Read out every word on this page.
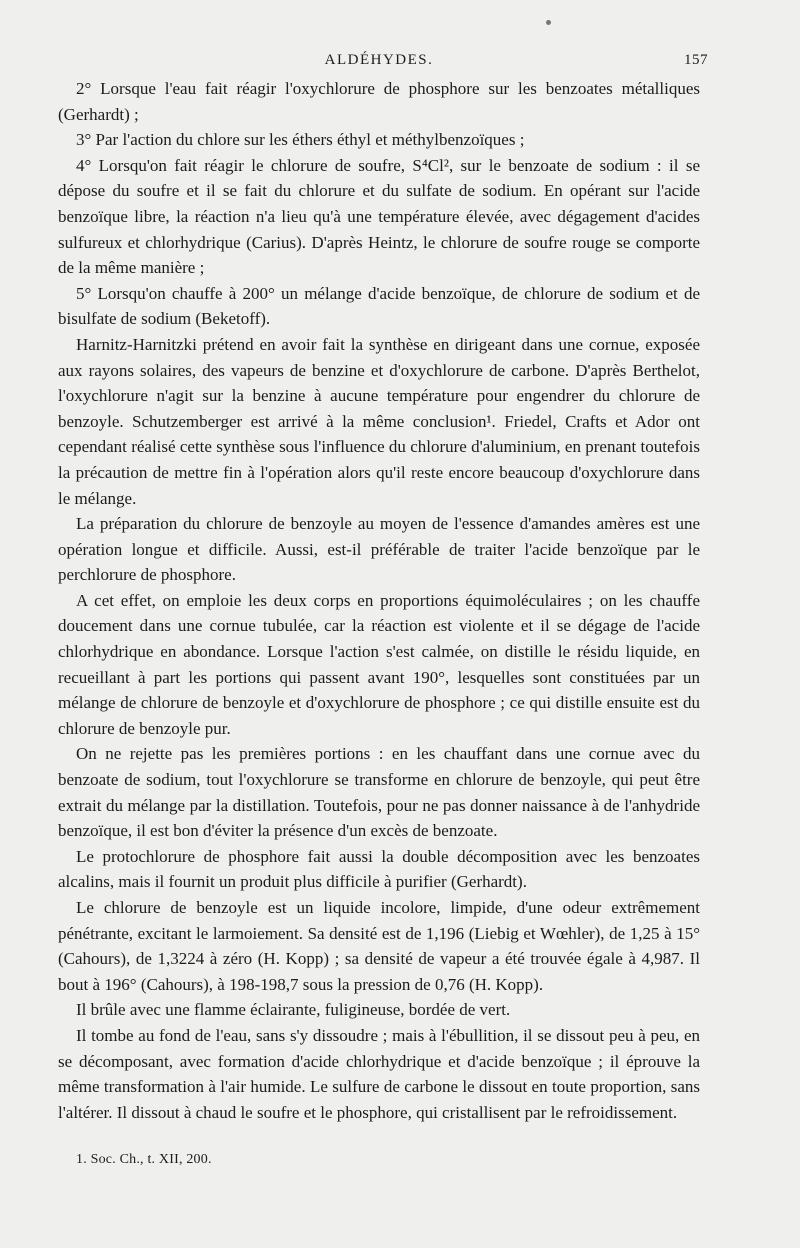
ALDÉHYDES.	157

2° Lorsque l'eau fait réagir l'oxychlorure de phosphore sur les benzoates métalliques (Gerhardt) ;

3° Par l'action du chlore sur les éthers éthyl et méthylbenzoïques ;

4° Lorsqu'on fait réagir le chlorure de soufre, S⁴Cl², sur le benzoate de sodium : il se dépose du soufre et il se fait du chlorure et du sulfate de sodium. En opérant sur l'acide benzoïque libre, la réaction n'a lieu qu'à une température élevée, avec dégagement d'acides sulfureux et chlorhydrique (Carius). D'après Heintz, le chlorure de soufre rouge se comporte de la même manière ;

5° Lorsqu'on chauffe à 200° un mélange d'acide benzoïque, de chlorure de sodium et de bisulfate de sodium (Beketoff).

Harnitz-Harnitzki prétend en avoir fait la synthèse en dirigeant dans une cornue, exposée aux rayons solaires, des vapeurs de benzine et d'oxychlorure de carbone. D'après Berthelot, l'oxychlorure n'agit sur la benzine à aucune température pour engendrer du chlorure de benzoyle. Schutzemberger est arrivé à la même conclusion¹. Friedel, Crafts et Ador ont cependant réalisé cette synthèse sous l'influence du chlorure d'aluminium, en prenant toutefois la précaution de mettre fin à l'opération alors qu'il reste encore beaucoup d'oxychlorure dans le mélange.

La préparation du chlorure de benzoyle au moyen de l'essence d'amandes amères est une opération longue et difficile. Aussi, est-il préférable de traiter l'acide benzoïque par le perchlorure de phosphore.

A cet effet, on emploie les deux corps en proportions équimoléculaires ; on les chauffe doucement dans une cornue tubulée, car la réaction est violente et il se dégage de l'acide chlorhydrique en abondance. Lorsque l'action s'est calmée, on distille le résidu liquide, en recueillant à part les portions qui passent avant 190°, lesquelles sont constituées par un mélange de chlorure de benzoyle et d'oxychlorure de phosphore ; ce qui distille ensuite est du chlorure de benzoyle pur.

On ne rejette pas les premières portions : en les chauffant dans une cornue avec du benzoate de sodium, tout l'oxychlorure se transforme en chlorure de benzoyle, qui peut être extrait du mélange par la distillation. Toutefois, pour ne pas donner naissance à de l'anhydride benzoïque, il est bon d'éviter la présence d'un excès de benzoate.

Le protochlorure de phosphore fait aussi la double décomposition avec les benzoates alcalins, mais il fournit un produit plus difficile à purifier (Gerhardt).

Le chlorure de benzoyle est un liquide incolore, limpide, d'une odeur extrêmement pénétrante, excitant le larmoiement. Sa densité est de 1,196 (Liebig et Wœhler), de 1,25 à 15° (Cahours), de 1,3224 à zéro (H. Kopp) ; sa densité de vapeur a été trouvée égale à 4,987. Il bout à 196° (Cahours), à 198-198,7 sous la pression de 0,76 (H. Kopp).

Il brûle avec une flamme éclairante, fuligineuse, bordée de vert.

Il tombe au fond de l'eau, sans s'y dissoudre ; mais à l'ébullition, il se dissout peu à peu, en se décomposant, avec formation d'acide chlorhydrique et d'acide benzoïque ; il éprouve la même transformation à l'air humide. Le sulfure de carbone le dissout en toute proportion, sans l'altérer. Il dissout à chaud le soufre et le phosphore, qui cristallisent par le refroidissement.

1. Soc. Ch., t. XII, 200.
